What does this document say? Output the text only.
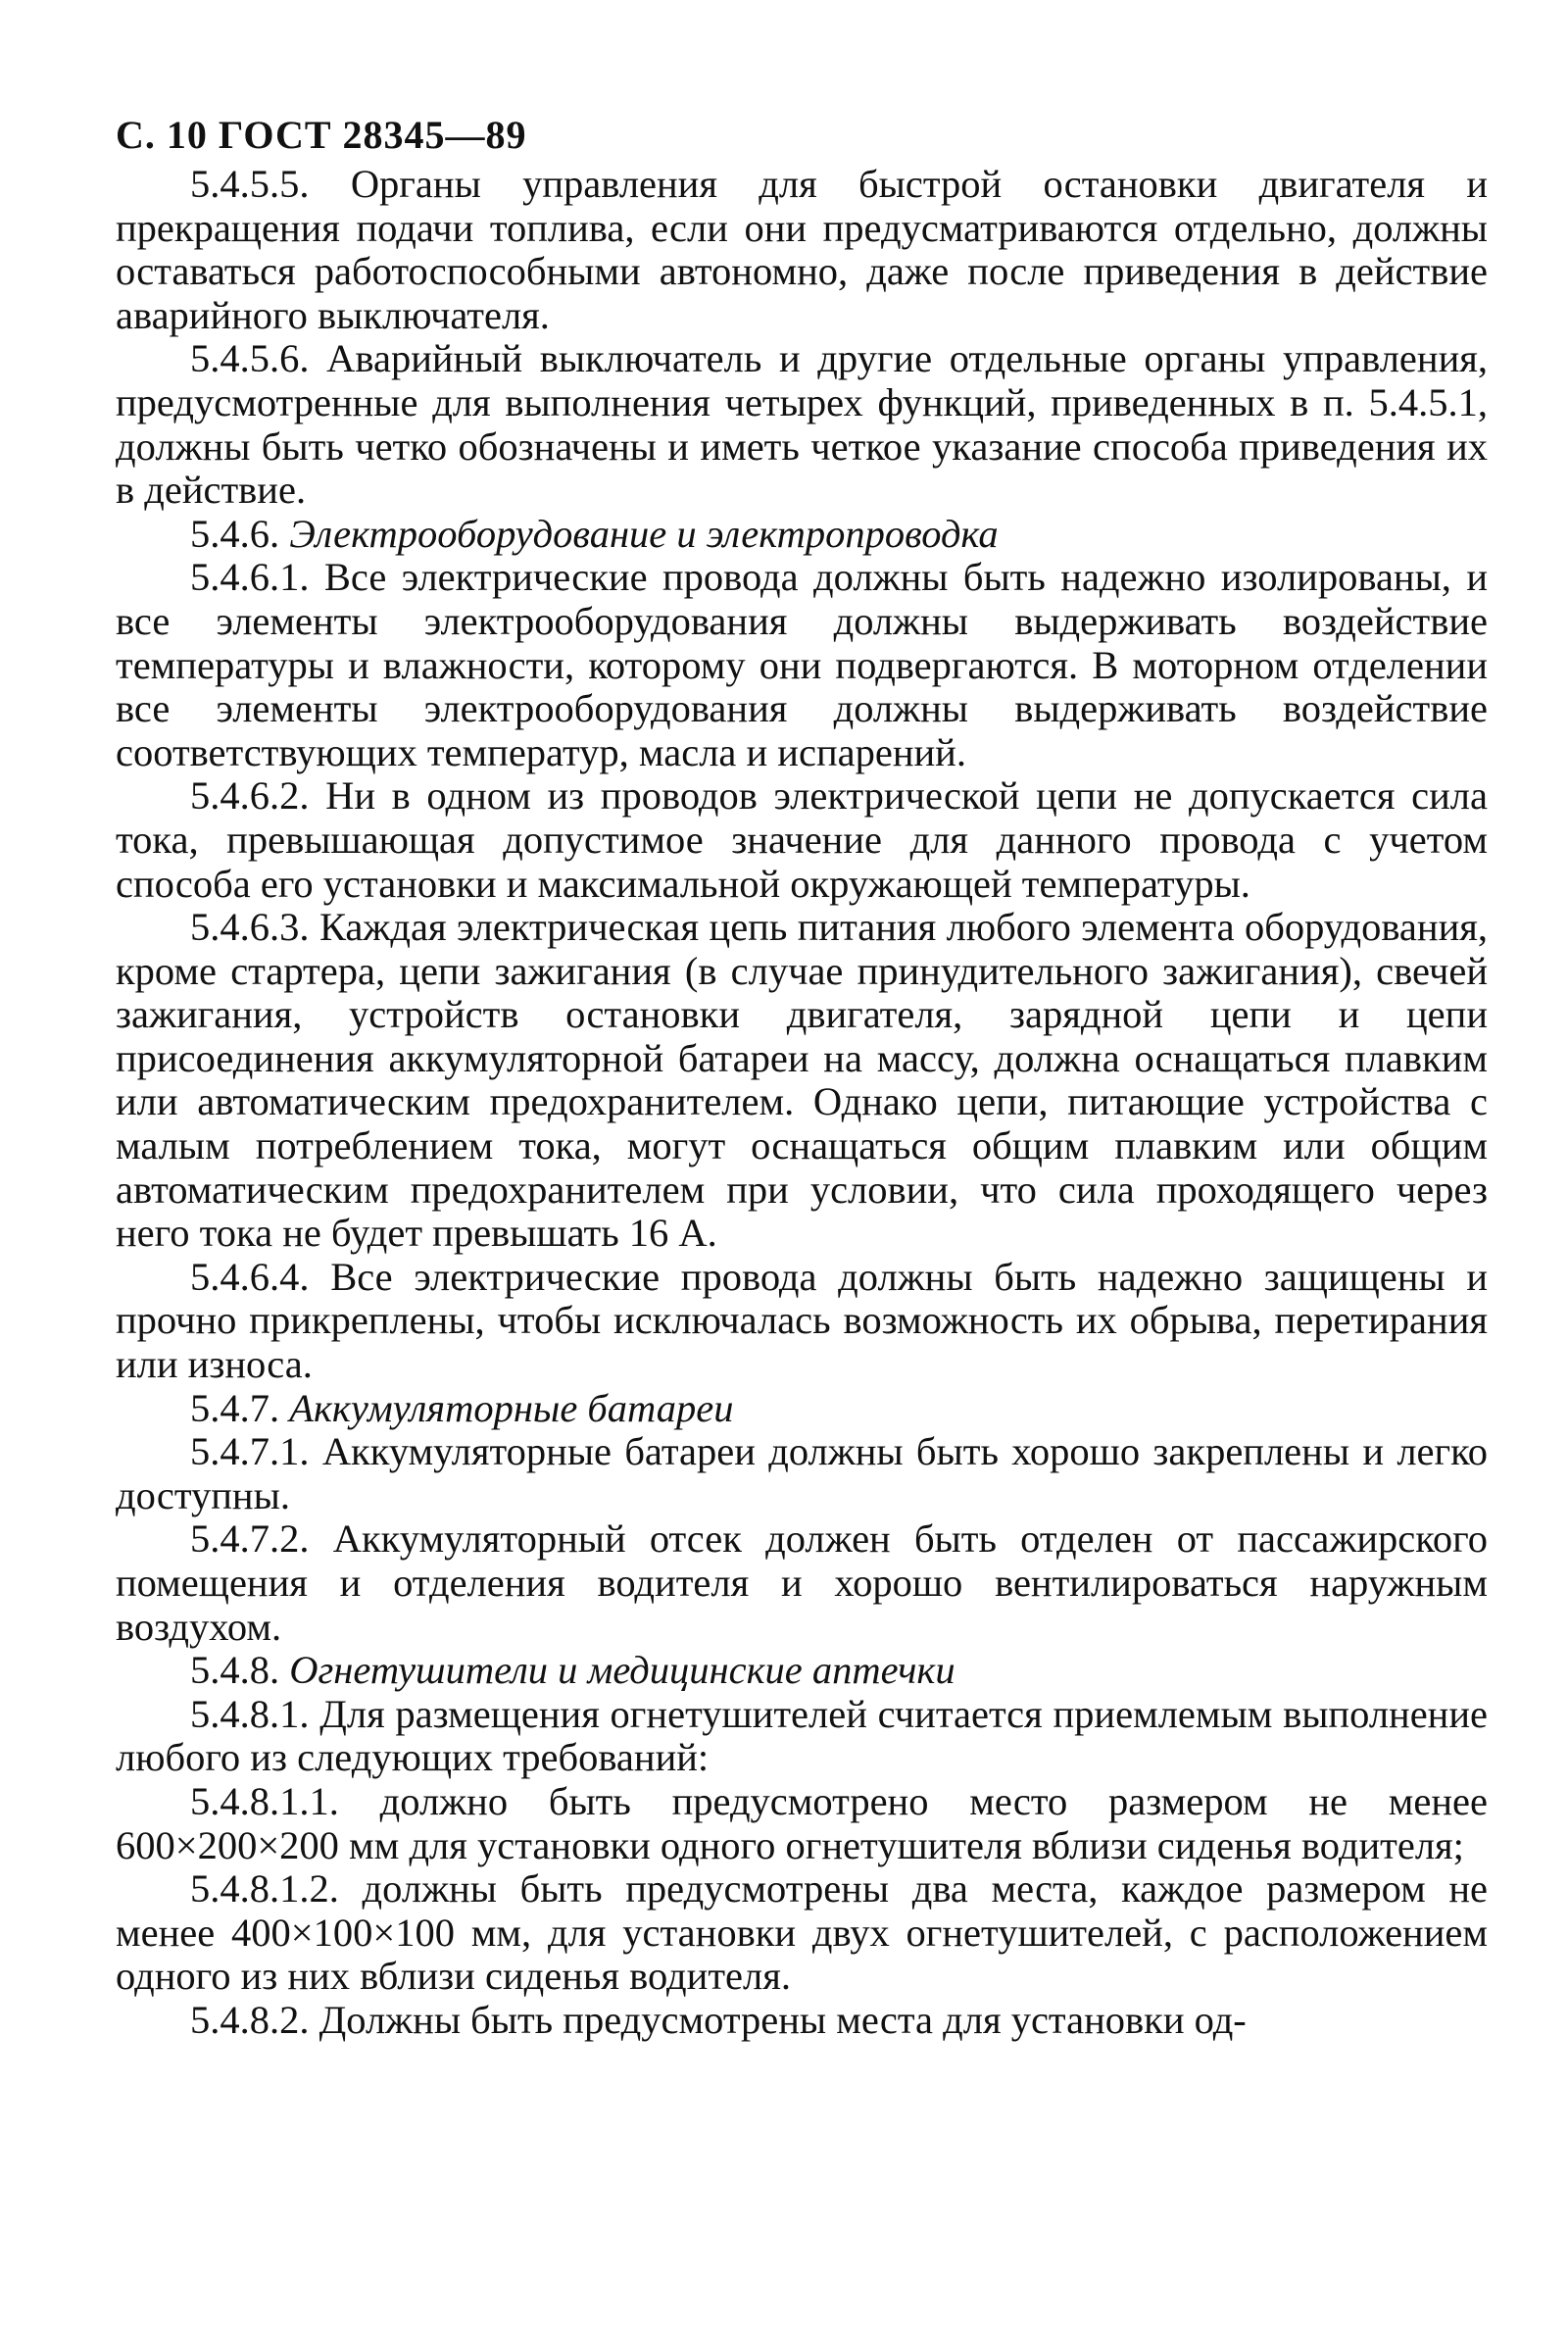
С. 10 ГОСТ 28345—89

5.4.5.5. Органы управления для быстрой остановки двигателя и прекращения подачи топлива, если они предусматриваются отдельно, должны оставаться работоспособными автономно, даже после приведения в действие аварийного выключателя.

5.4.5.6. Аварийный выключатель и другие отдельные органы управления, предусмотренные для выполнения четырех функций, приведенных в п. 5.4.5.1, должны быть четко обозначены и иметь четкое указание способа приведения их в действие.

5.4.6. Электрооборудование и электропроводка

5.4.6.1. Все электрические провода должны быть надежно изолированы, и все элементы электрооборудования должны выдерживать воздействие температуры и влажности, которому они подвергаются. В моторном отделении все элементы электрооборудования должны выдерживать воздействие соответствующих температур, масла и испарений.

5.4.6.2. Ни в одном из проводов электрической цепи не допускается сила тока, превышающая допустимое значение для данного провода с учетом способа его установки и максимальной окружающей температуры.

5.4.6.3. Каждая электрическая цепь питания любого элемента оборудования, кроме стартера, цепи зажигания (в случае принудительного зажигания), свечей зажигания, устройств остановки двигателя, зарядной цепи и цепи присоединения аккумуляторной батареи на массу, должна оснащаться плавким или автоматическим предохранителем. Однако цепи, питающие устройства с малым потреблением тока, могут оснащаться общим плавким или общим автоматическим предохранителем при условии, что сила проходящего через него тока не будет превышать 16 А.

5.4.6.4. Все электрические провода должны быть надежно защищены и прочно прикреплены, чтобы исключалась возможность их обрыва, перетирания или износа.

5.4.7. Аккумуляторные батареи

5.4.7.1. Аккумуляторные батареи должны быть хорошо закреплены и легко доступны.

5.4.7.2. Аккумуляторный отсек должен быть отделен от пассажирского помещения и отделения водителя и хорошо вентилироваться наружным воздухом.

5.4.8. Огнетушители и медицинские аптечки

5.4.8.1. Для размещения огнетушителей считается приемлемым выполнение любого из следующих требований:

5.4.8.1.1. должно быть предусмотрено место размером не менее 600×200×200 мм для установки одного огнетушителя вблизи сиденья водителя;

5.4.8.1.2. должны быть предусмотрены два места, каждое размером не менее 400×100×100 мм, для установки двух огнетушителей, с расположением одного из них вблизи сиденья водителя.

5.4.8.2. Должны быть предусмотрены места для установки од-
